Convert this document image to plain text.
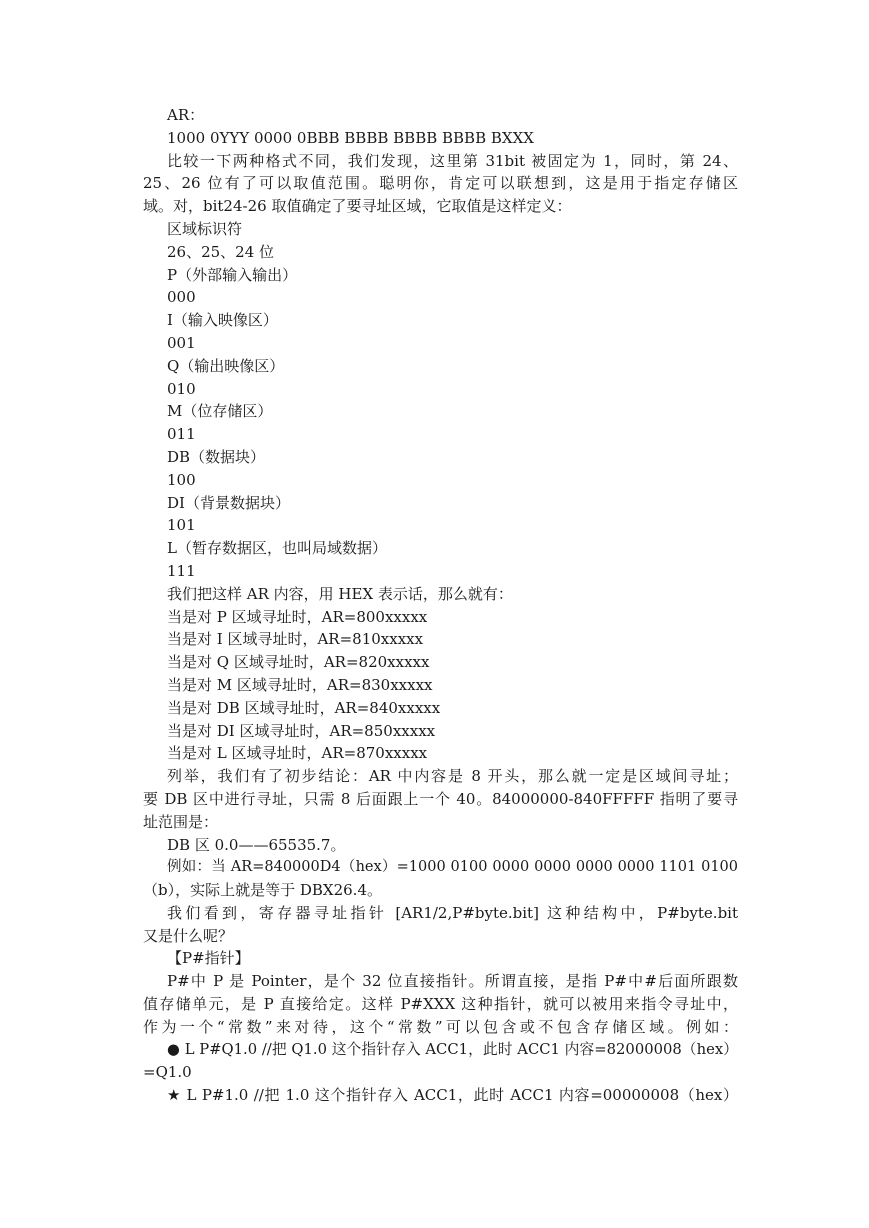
AR：
1000 0YYY 0000 0BBB BBBB BBBB BBBB BXXX
比较一下两种格式不同，我们发现，这里第 31bit 被固定为 1，同时，第 24、
25、26 位有了可以取值范围。聪明你，肯定可以联想到，这是用于指定存储区
域。对，bit24-26 取值确定了要寻址区域，它取值是这样定义：
区域标识符
26、25、24 位
P（外部输入输出）
000
I（输入映像区）
001
Q（输出映像区）
010
M（位存储区）
011
DB（数据块）
100
DI（背景数据块）
101
L（暂存数据区，也叫局域数据）
111
我们把这样 AR 内容，用 HEX 表示话，那么就有：
当是对 P 区域寻址时，AR=800xxxxx
当是对 I 区域寻址时，AR=810xxxxx
当是对 Q 区域寻址时，AR=820xxxxx
当是对 M 区域寻址时，AR=830xxxxx
当是对 DB 区域寻址时，AR=840xxxxx
当是对 DI 区域寻址时，AR=850xxxxx
当是对 L 区域寻址时，AR=870xxxxx
列举，我们有了初步结论：AR 中内容是 8 开头，那么就一定是区域间寻址；
要 DB 区中进行寻址，只需 8 后面跟上一个 40。84000000-840FFFFF 指明了要寻
址范围是：
DB 区 0.0——65535.7。
例如：当 AR=840000D4（hex）=1000 0100 0000 0000 0000 0000 1101 0100
（b），实际上就是等于 DBX26.4。
我们看到，寄存器寻址指针 [AR1/2,P#byte.bit] 这种结构中，P#byte.bit
又是什么呢？
【P#指针】
P#中 P 是 Pointer，是个 32 位直接指针。所谓直接，是指 P#中#后面所跟数
值存储单元，是 P 直接给定。这样 P#XXX 这种指针，就可以被用来指令寻址中，
作为一个“常数”来对待，这个“常数”可以包含或不包含存储区域。例如：
● L P#Q1.0 //把 Q1.0 这个指针存入 ACC1，此时 ACC1 内容=82000008（hex）
=Q1.0
★ L P#1.0 //把 1.0 这个指针存入 ACC1，此时 ACC1 内容=00000008（hex）
